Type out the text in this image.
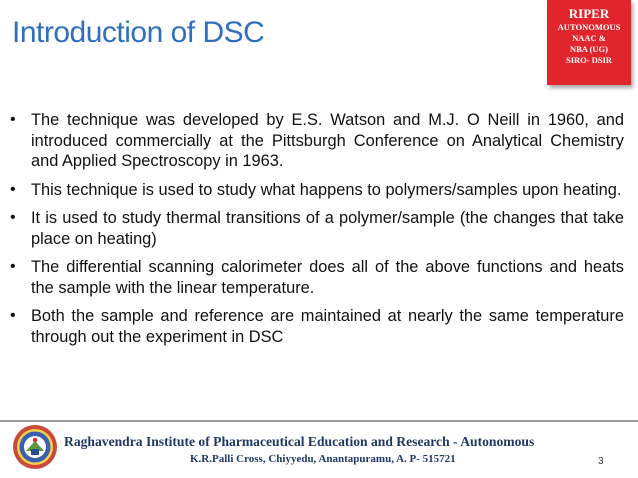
Introduction of DSC
RIPER
AUTONOMOUS
NAAC &
NBA (UG)
SIRO- DSIR
• The technique was developed by E.S. Watson and M.J. O Neill in 1960, and introduced commercially at the Pittsburgh Conference on Analytical Chemistry and Applied Spectroscopy in 1963.
• This technique is used to study what happens to polymers/samples upon heating.
• It is used to study thermal transitions of a polymer/sample (the changes that take place on heating)
• The differential scanning calorimeter does all of the above functions and heats the sample with the linear temperature.
• Both the sample and reference are maintained at nearly the same temperature through out the experiment in DSC
Raghavendra Institute of Pharmaceutical Education and Research - Autonomous
K.R.Palli Cross, Chiyyedu, Anantapuramu, A. P- 515721	3
